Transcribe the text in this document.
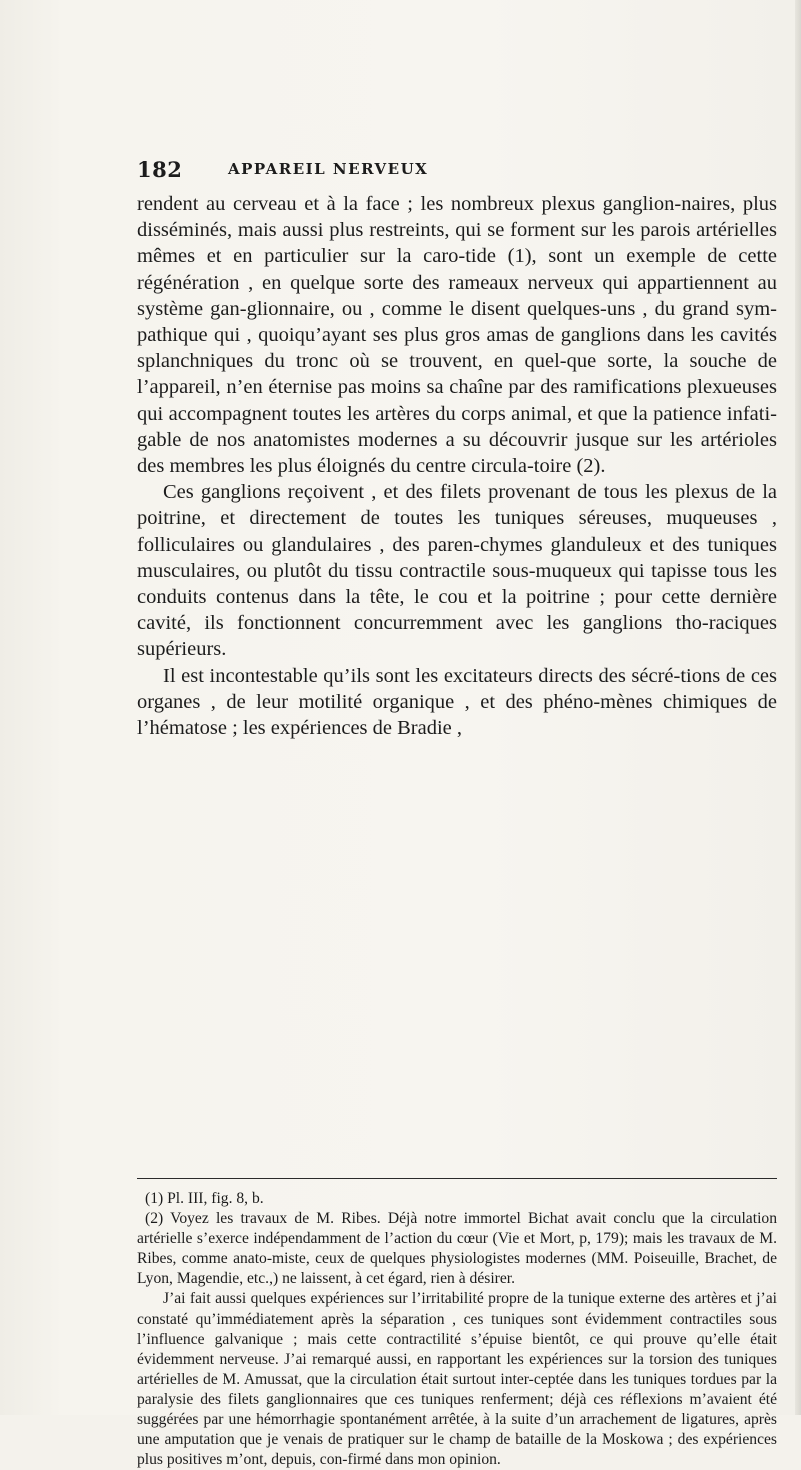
182	APPAREIL NERVEUX

rendent au cerveau et à la face ; les nombreux plexus ganglion-naires, plus disséminés, mais aussi plus restreints, qui se forment sur les parois artérielles mêmes et en particulier sur la caro-tide (1), sont un exemple de cette régénération , en quelque sorte des rameaux nerveux qui appartiennent au système gan-glionnaire, ou , comme le disent quelques-uns , du grand sym-pathique qui , quoiqu’ayant ses plus gros amas de ganglions dans les cavités splanchniques du tronc où se trouvent, en quel-que sorte, la souche de l’appareil, n’en éternise pas moins sa chaîne par des ramifications plexueuses qui accompagnent toutes les artères du corps animal, et que la patience infati-gable de nos anatomistes modernes a su découvrir jusque sur les artérioles des membres les plus éloignés du centre circula-toire (2).

Ces ganglions reçoivent , et des filets provenant de tous les plexus de la poitrine, et directement de toutes les tuniques séreuses, muqueuses , folliculaires ou glandulaires , des paren-chymes glanduleux et des tuniques musculaires, ou plutôt du tissu contractile sous-muqueux qui tapisse tous les conduits contenus dans la tête, le cou et la poitrine ; pour cette dernière cavité, ils fonctionnent concurremment avec les ganglions tho-raciques supérieurs.

Il est incontestable qu’ils sont les excitateurs directs des sécré-tions de ces organes , de leur motilité organique , et des phéno-mènes chimiques de l’hématose ; les expériences de Bradie ,

(1) Pl. III, fig. 8, b.

(2) Voyez les travaux de M. Ribes. Déjà notre immortel Bichat avait conclu que la circulation artérielle s’exerce indépendamment de l’action du cœur (Vie et Mort, p, 179); mais les travaux de M. Ribes, comme anato-miste, ceux de quelques physiologistes modernes (MM. Poiseuille, Brachet, de Lyon, Magendie, etc.,) ne laissent, à cet égard, rien à désirer.

J’ai fait aussi quelques expériences sur l’irritabilité propre de la tunique externe des artères et j’ai constaté qu’immédiatement après la séparation , ces tuniques sont évidemment contractiles sous l’influence galvanique ; mais cette contractilité s’épuise bientôt, ce qui prouve qu’elle était évidemment nerveuse. J’ai remarqué aussi, en rapportant les expériences sur la torsion des tuniques artérielles de M. Amussat, que la circulation était surtout inter-ceptée dans les tuniques tordues par la paralysie des filets ganglionnaires que ces tuniques renferment; déjà ces réflexions m’avaient été suggérées par une hémorrhagie spontanément arrêtée, à la suite d’un arrachement de ligatures, après une amputation que je venais de pratiquer sur le champ de bataille de la Moskowa ; des expériences plus positives m’ont, depuis, con-firmé dans mon opinion.
